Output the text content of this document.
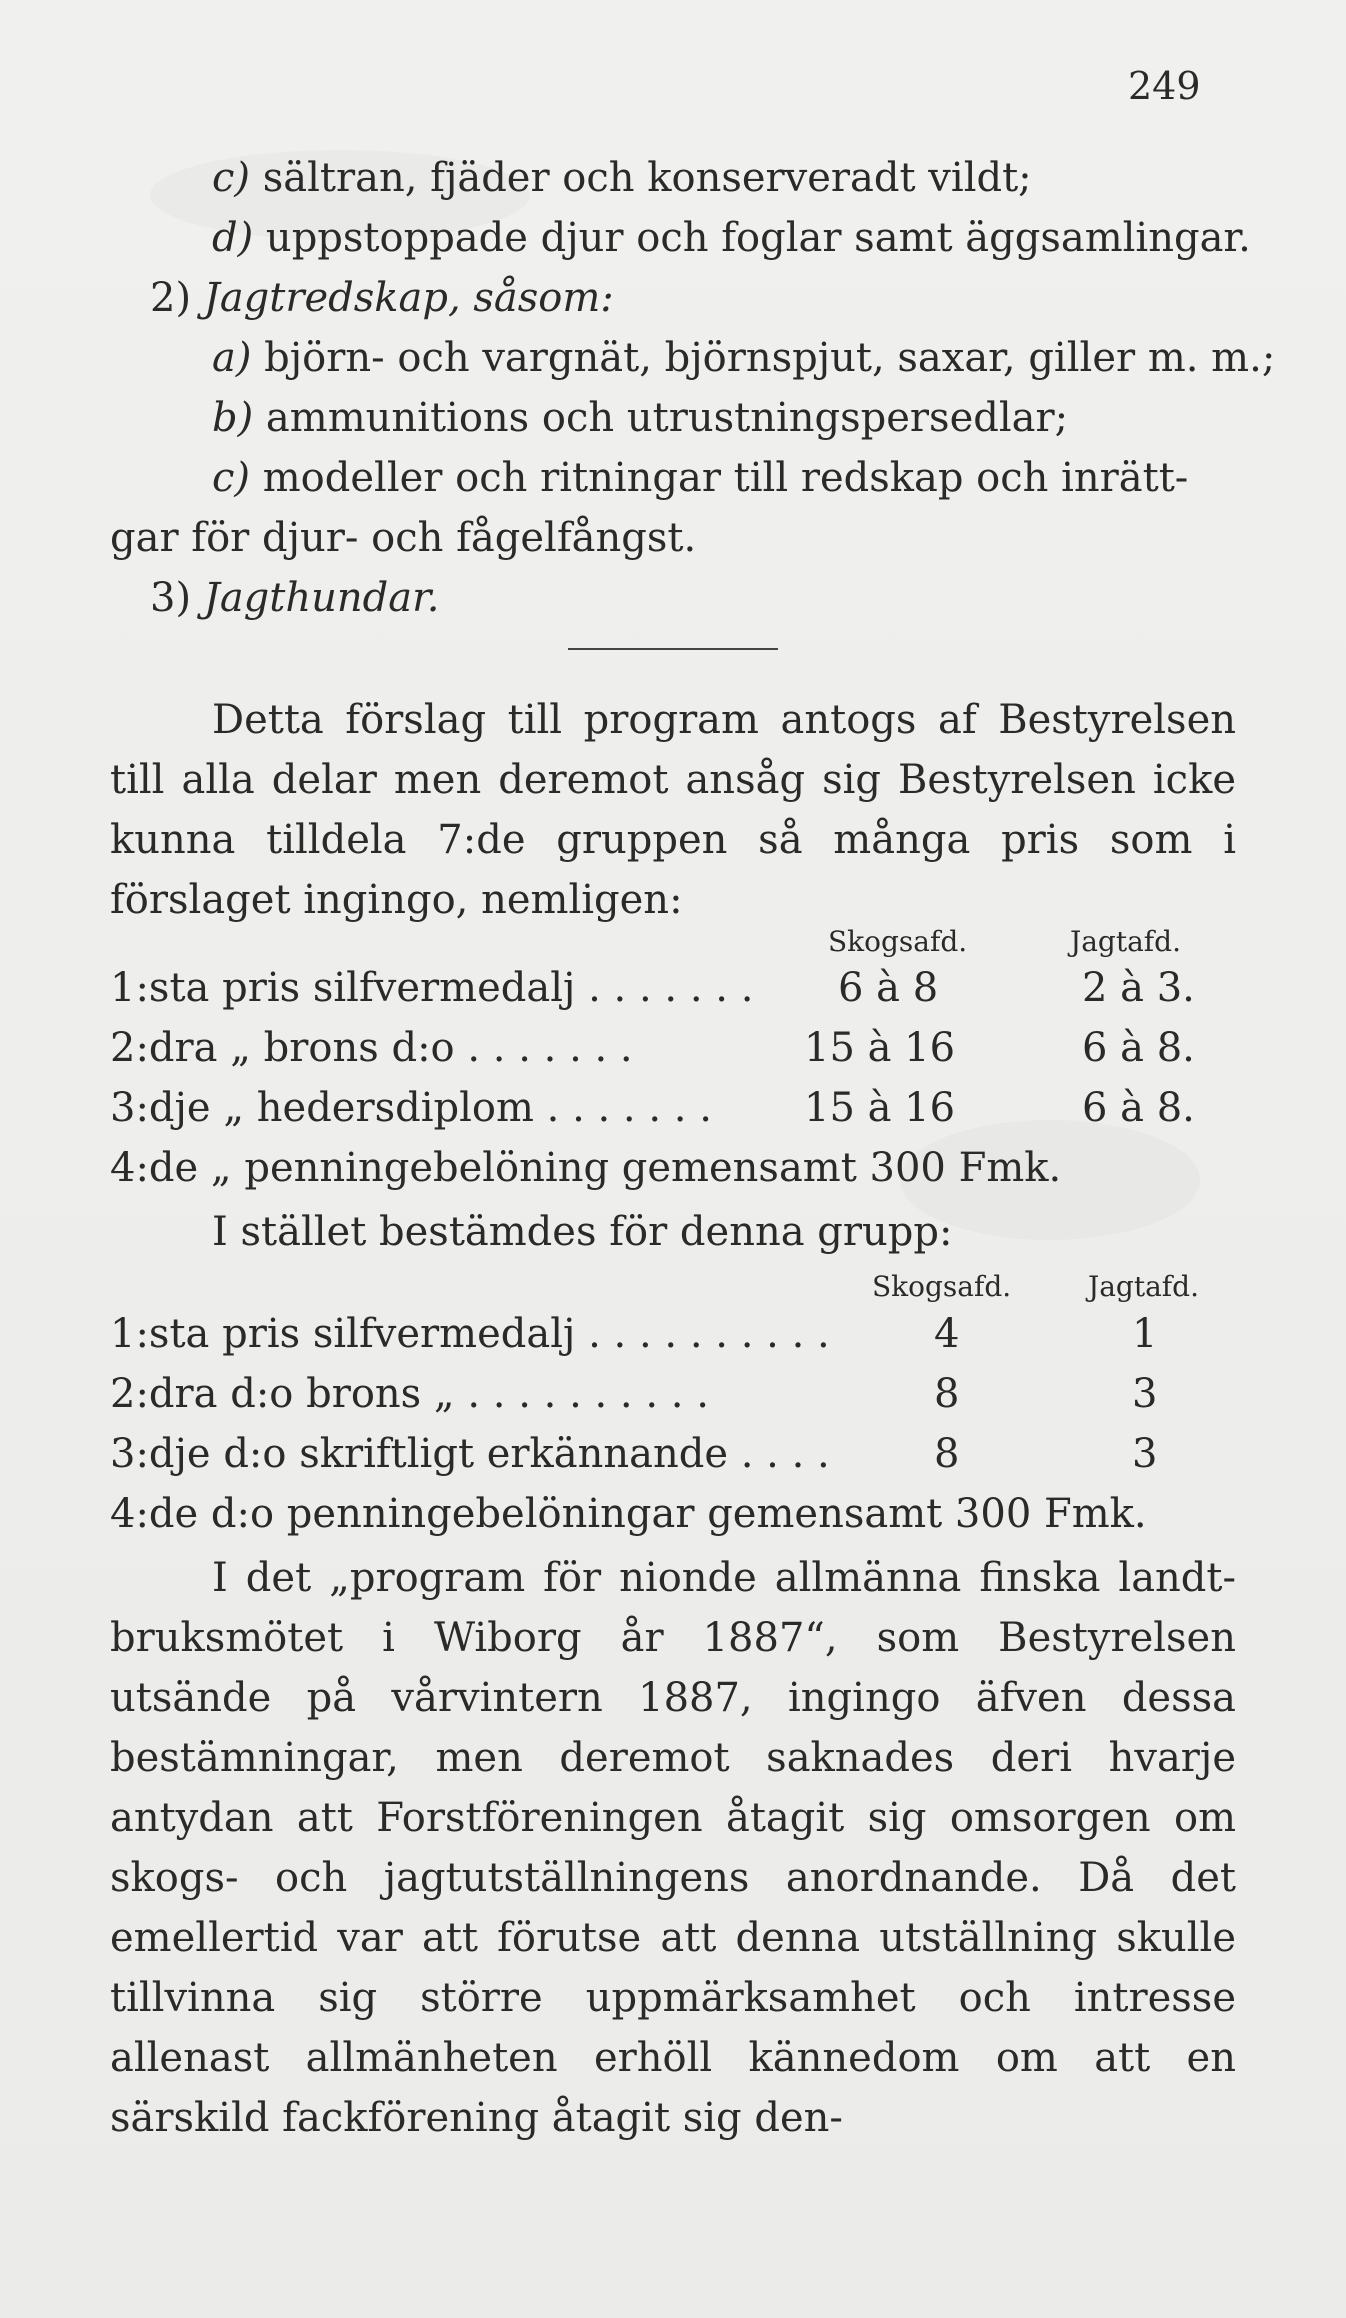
249
c) sältran, fjäder och konserveradt vildt;
d) uppstoppade djur och foglar samt äggsamlingar.
2) Jagtredskap, såsom:
a) björn- och vargnät, björnspjut, saxar, giller m. m.;
b) ammunitions och utrustningspersedlar;
c) modeller och ritningar till redskap och inrätt-
gar för djur- och fågelfångst.
3) Jagthundar.
Detta förslag till program antogs af Bestyrelsen till alla delar men deremot ansåg sig Bestyrelsen icke kunna tilldela 7:de gruppen så många pris som i förslaget ingingo, nemligen:
Skogsafd.	Jagtafd.
1:sta pris silfvermedalj . . . . . . . 6 à 8	2 à 3.
2:dra „ brons d:o . . . . . . .	15 à 16	6 à 8.
3:dje „ hedersdiplom . . . . . . . 15 à 16	6 à 8.
4:de „ penningebelöning gemensamt 300 Fmk.
I stället bestämdes för denna grupp:
Skogsafd.	Jagtafd.
1:sta pris silfvermedalj . . . . . . . . . .	4	1
2:dra d:o brons „ . . . . . . . . . .	8	3
3:dje d:o skriftligt erkännande . . . .	8	3
4:de d:o penningebelöningar gemensamt 300 Fmk.
I det „program för nionde allmänna finska landtbruksmötet i Wiborg år 1887“, som Bestyrelsen utsände på vårvintern 1887, ingingo äfven dessa bestämningar, men deremot saknades deri hvarje antydan att Forstföreningen åtagit sig omsorgen om skogs- och jagtutställningens anordnande. Då det emellertid var att förutse att denna utställning skulle tillvinna sig större uppmärksamhet och intresse allenast allmänheten erhöll kännedom om att en särskild fackförening åtagit sig den-
